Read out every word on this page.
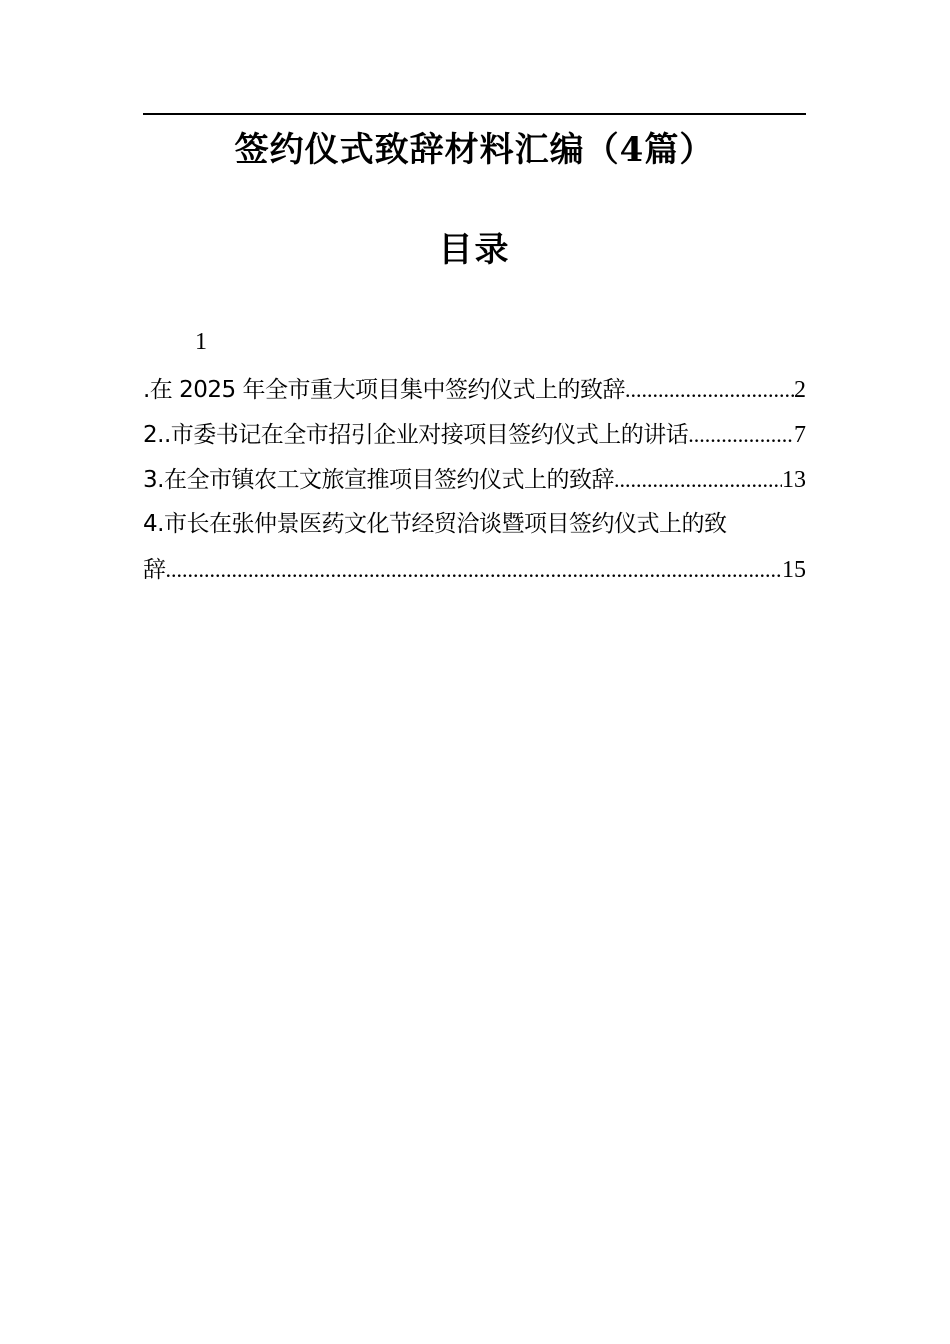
签约仪式致辞材料汇编（4篇）
目录
1
.在 2025 年全市重大项目集中签约仪式上的致辞 .....	2
2..市委书记在全市招引企业对接项目签约仪式上的讲话 .....	7
3.在全市镇农工文旅宣推项目签约仪式上的致辞 .....	13
4.市长在张仲景医药文化节经贸洽谈暨项目签约仪式上的致
辞 .....	15
